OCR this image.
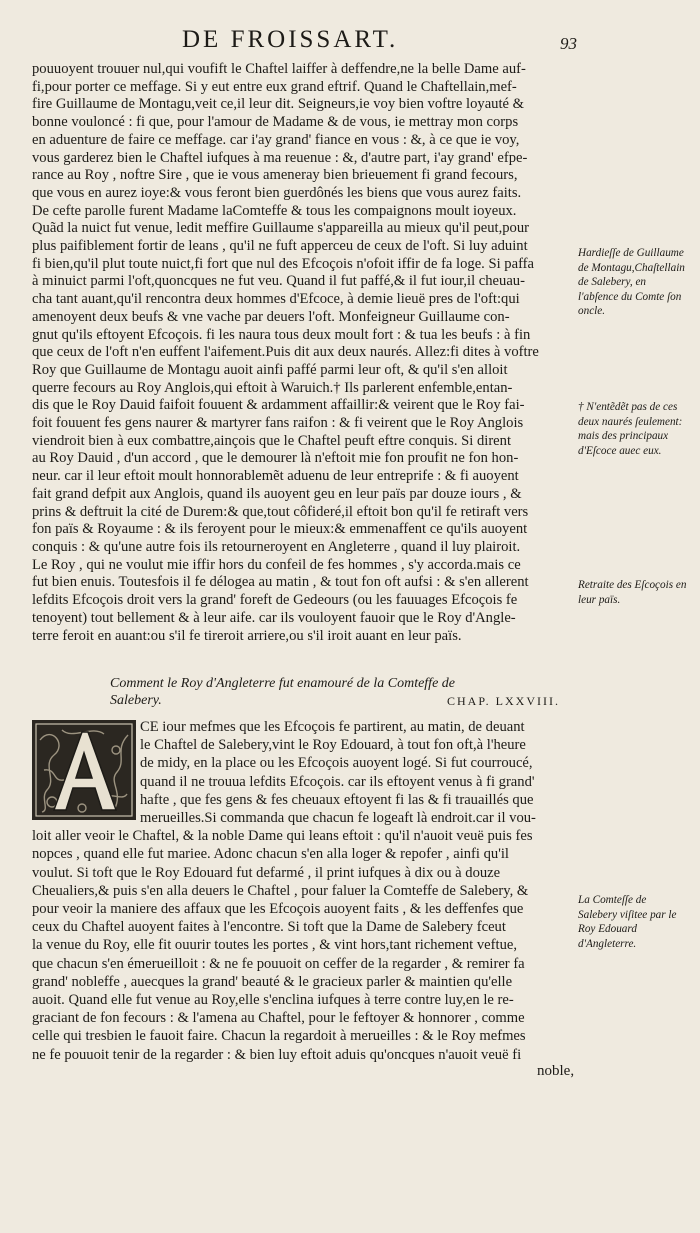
DE FROISSART.	93
pouuoyent trouuer nul,qui voufift le Chaftel laiffer à deffendre,ne la belle Dame auf-
fi,pour porter ce meffage. Si y eut entre eux grand eftrif. Quand le Chaftellain,mef-
fire Guillaume de Montagu,veit ce,il leur dit. Seigneurs,ie voy bien voftre loyauté &
bonne vouloncé : fi que, pour l'amour de Madame & de vous, ie mettray mon corps
en aduenture de faire ce meffage. car i'ay grand' fiance en vous : &, à ce que ie voy,
vous garderez bien le Chaftel iufques à ma reuenue : &, d'autre part, i'ay grand' efpe-
rance au Roy , noftre Sire , que ie vous ameneray bien brieuement fi grand fecours,
que vous en aurez ioye:& vous feront bien guerdônés les biens que vous aurez faits.
De cefte parolle furent Madame laComteffe & tous les compaignons moult ioyeux.
Quãd la nuict fut venue, ledit meffire Guillaume s'appareilla au mieux qu'il peut,pour
plus paifiblement fortir de leans , qu'il ne fuft apperceu de ceux de l'oft. Si luy aduint
fi bien,qu'il plut toute nuict,fi fort que nul des Efcoçois n'ofoit iffir de fa loge. Si paffa
à minuict parmi l'oft,quoncques ne fut veu. Quand il fut paffé,& il fut iour,il cheuau-
cha tant auant,qu'il rencontra deux hommes d'Efcoce, à demie lieuë pres de l'oft:qui
amenoyent deux beufs & vne vache par deuers l'oft. Monfeigneur Guillaume con-
gnut qu'ils eftoyent Efcoçois. fi les naura tous deux moult fort : & tua les beufs : à fin
que ceux de l'oft n'en euffent l'aifement.Puis dit aux deux naurés. Allez:fi dites à voftre
Roy que Guillaume de Montagu auoit ainfi paffé parmi leur oft, & qu'il s'en alloit
querre fecours au Roy Anglois,qui eftoit à Waruich.† Ils parlerent enfemble,entan-
dis que le Roy Dauid faifoit fouuent & ardamment affaillir:& veirent que le Roy fai-
foit fouuent fes gens naurer & martyrer fans raifon : & fi veirent que le Roy Anglois
viendroit bien à eux combattre,ainçois que le Chaftel peuft eftre conquis. Si dirent
au Roy Dauid , d'un accord , que le demourer là n'eftoit mie fon proufit ne fon hon-
neur. car il leur eftoit moult honnorablemẽt aduenu de leur entreprife : & fi auoyent
fait grand defpit aux Anglois, quand ils auoyent geu en leur païs par douze iours , &
prins & deftruit la cité de Durem:& que,tout côfideré,il eftoit bon qu'il fe retiraft vers
fon païs & Royaume : & ils feroyent pour le mieux:& emmenaffent ce qu'ils auoyent
conquis : & qu'une autre fois ils retourneroyent en Angleterre , quand il luy plairoit.
Le Roy , qui ne voulut mie iffir hors du confeil de fes hommes , s'y accorda.mais ce
fut bien enuis. Toutesfois il fe délogea au matin , & tout fon oft aufsi : & s'en allerent
lefdits Efcoçois droit vers la grand' foreft de Gedeours (ou les fauuages Efcoçois fe
tenoyent) tout bellement & à leur aife. car ils vouloyent fauoir que le Roy d'Angle-
terre feroit en auant:ou s'il fe tireroit arriere,ou s'il iroit auant en leur païs.
Comment le Roy d'Angleterre fut enamouré de la Comteffe de
Salebery.	CHAP. LXXVIII.
CE iour mefmes que les Efcoçois fe partirent, au matin, de deuant
le Chaftel de Salebery,vint le Roy Edouard, à tout fon oft,à l'heure
de midy, en la place ou les Efcoçois auoyent logé. Si fut courroucé,
quand il ne trouua lefdits Efcoçois. car ils eftoyent venus à fi grand'
hafte , que fes gens & fes cheuaux eftoyent fi las & fi trauaillés que
merueilles.Si commanda que chacun fe logeaft là endroit.car il vou-
loit aller veoir le Chaftel, & la noble Dame qui leans eftoit : qu'il n'auoit veuë puis fes
nopces , quand elle fut mariee. Adonc chacun s'en alla loger & repofer , ainfi qu'il
voulut. Si toft que le Roy Edouard fut defarmé , il print iufques à dix ou à douze
Cheualiers,& puis s'en alla deuers le Chaftel , pour faluer la Comteffe de Salebery, &
pour veoir la maniere des affaux que les Efcoçois auoyent faits , & les deffenfes que
ceux du Chaftel auoyent faites à l'encontre. Si toft que la Dame de Salebery fceut
la venue du Roy, elle fit ouurir toutes les portes , & vint hors,tant richement veftue,
que chacun s'en émerueilloit : & ne fe pouuoit on ceffer de la regarder , & remirer fa
grand' nobleffe , auecques la grand' beauté & le gracieux parler & maintien qu'elle
auoit. Quand elle fut venue au Roy,elle s'enclina iufques à terre contre luy,en le re-
graciant de fon fecours : & l'amena au Chaftel, pour le feftoyer & honnorer , comme
celle qui tresbien le fauoit faire. Chacun la regardoit à merueilles : & le Roy mefmes
ne fe pouuoit tenir de la regarder : & bien luy eftoit aduis qu'oncques n'auoit veuë fi
noble,
Hardieſſe de Guillaume de Montagu,Chaſtellain de Salebery, en l'abſence du Comte ſon oncle.
† N'entẽdẽt pas de ces deux naurés ſeulement: mais des principaux d'Eſcoce auec eux.
Retraite des Eſcoçois en leur païs.
La Comteſſe de Salebery viſitee par le Roy Edouard d'Angleterre.
